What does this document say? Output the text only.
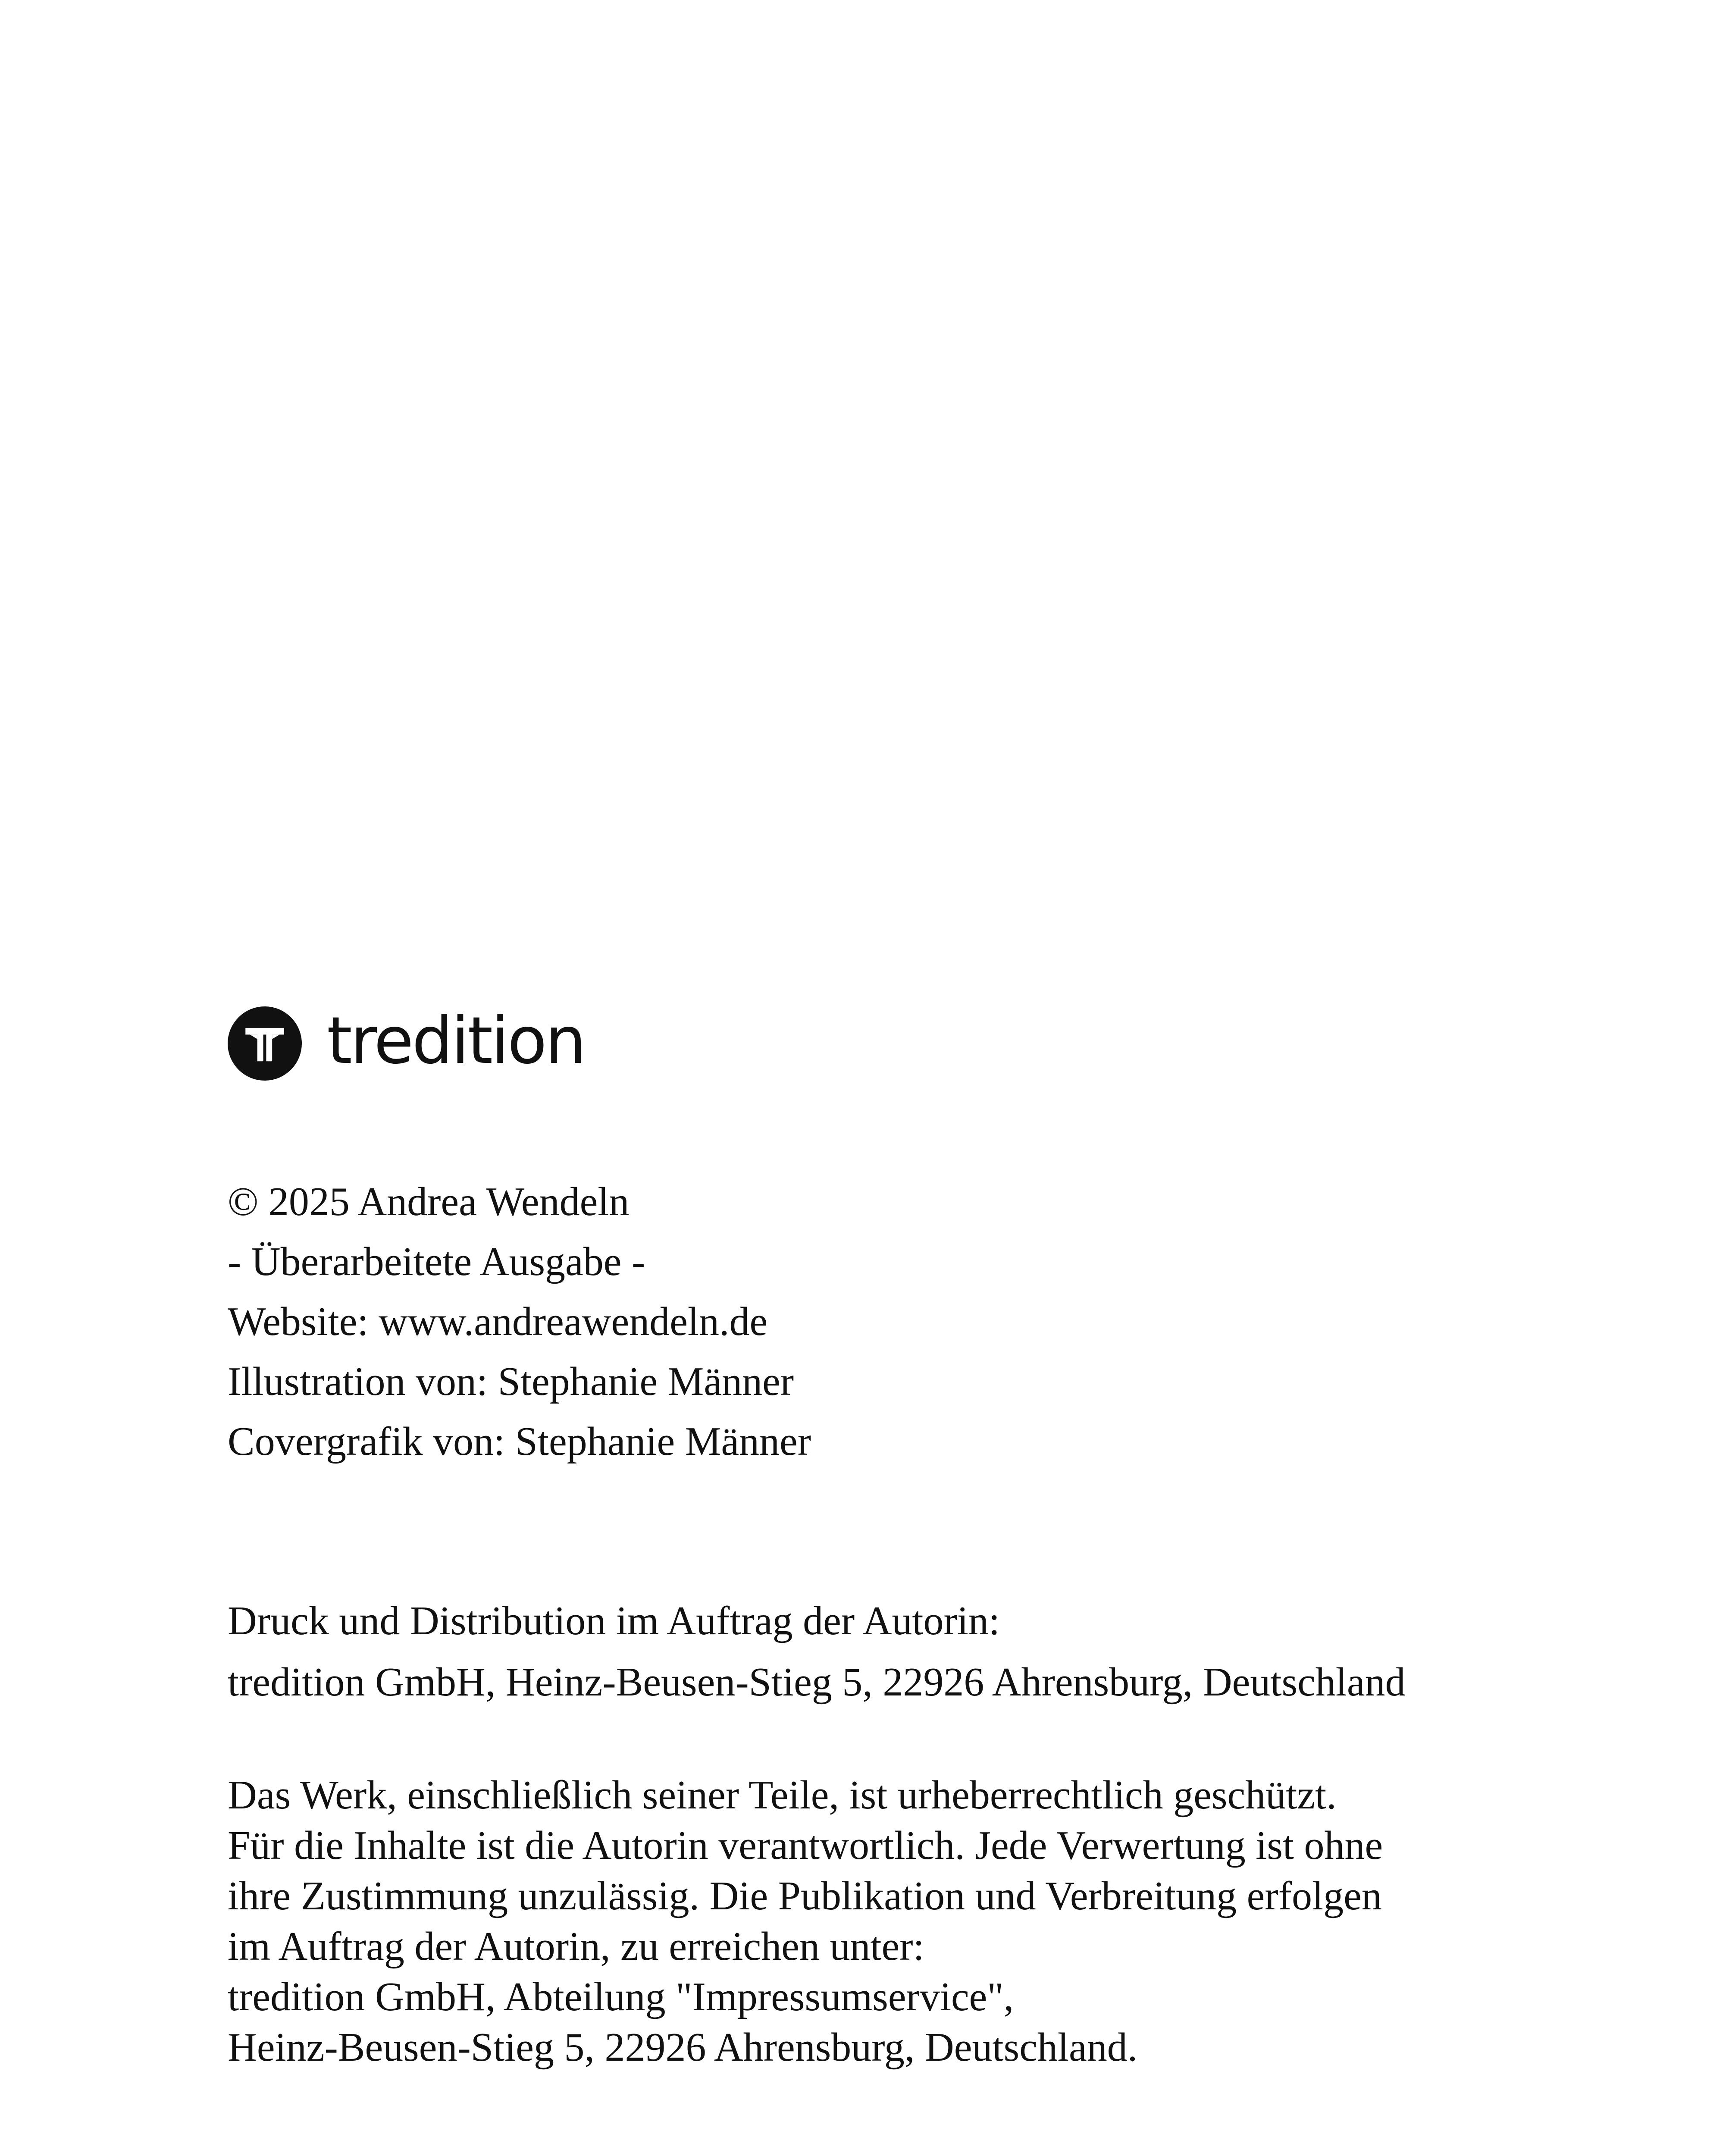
tredition
© 2025 Andrea Wendeln
- Überarbeitete Ausgabe -
Website: www.andreawendeln.de
Illustration von: Stephanie Männer
Covergrafik von: Stephanie Männer
Druck und Distribution im Auftrag der Autorin:
tredition GmbH, Heinz-Beusen-Stieg 5, 22926 Ahrensburg, Deutschland
Das Werk, einschließlich seiner Teile, ist urheberrechtlich geschützt.
Für die Inhalte ist die Autorin verantwortlich. Jede Verwertung ist ohne
ihre Zustimmung unzulässig. Die Publikation und Verbreitung erfolgen
im Auftrag der Autorin, zu erreichen unter:
tredition GmbH, Abteilung "Impressumservice",
Heinz-Beusen-Stieg 5, 22926 Ahrensburg, Deutschland.
